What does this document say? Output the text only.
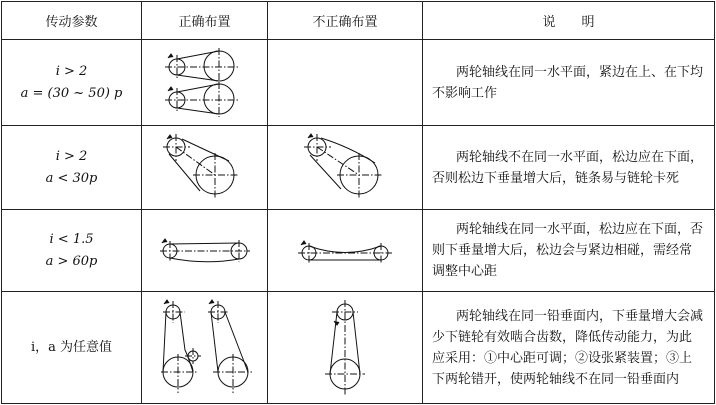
传动参数	正确布置	不正确布置	说　　明

i > 2
a = (30 ~ 50) p			两轮轴线在同一水平面，紧边在上、在下均不影响工作

i > 2
a < 30p			两轮轴线不在同一水平面，松边应在下面，否则松边下垂量增大后，链条易与链轮卡死

i < 1.5
a > 60p			两轮轴线在同一水平面，松边应在下面，否则下垂量增大后，松边会与紧边相碰，需经常调整中心距
i，a 为任意值			两轮轴线在同一铅垂面内，下垂量增大会减少下链轮有效啮合齿数，降低传动能力，为此应采用：①中心距可调；②设张紧装置；③上下两轮错开，使两轮轴线不在同一铅垂面内
